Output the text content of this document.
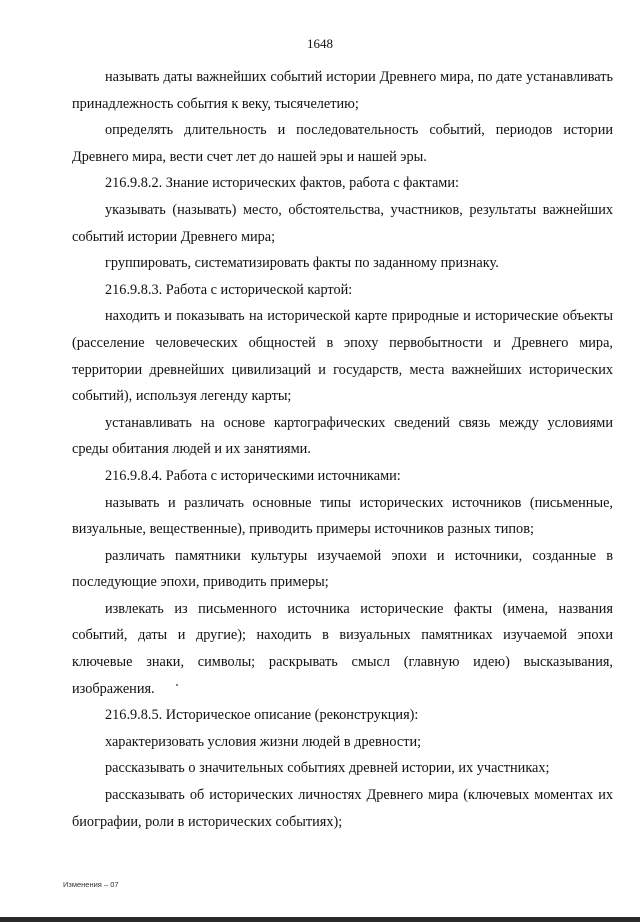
1648

называть даты важнейших событий истории Древнего мира, по дате устанавливать принадлежность события к веку, тысячелетию;

определять длительность и последовательность событий, периодов истории Древнего мира, вести счет лет до нашей эры и нашей эры.

216.9.8.2. Знание исторических фактов, работа с фактами:

указывать (называть) место, обстоятельства, участников, результаты важнейших событий истории Древнего мира;

группировать, систематизировать факты по заданному признаку.

216.9.8.3. Работа с исторической картой:

находить и показывать на исторической карте природные и исторические объекты (расселение человеческих общностей в эпоху первобытности и Древнего мира, территории древнейших цивилизаций и государств, места важнейших исторических событий), используя легенду карты;

устанавливать на основе картографических сведений связь между условиями среды обитания людей и их занятиями.

216.9.8.4. Работа с историческими источниками:

называть и различать основные типы исторических источников (письменные, визуальные, вещественные), приводить примеры источников разных типов;

различать памятники культуры изучаемой эпохи и источники, созданные в последующие эпохи, приводить примеры;

извлекать из письменного источника исторические факты (имена, названия событий, даты и другие); находить в визуальных памятниках изучаемой эпохи ключевые знаки, символы; раскрывать смысл (главную идею) высказывания, изображения.

216.9.8.5. Историческое описание (реконструкция):

характеризовать условия жизни людей в древности;

рассказывать о значительных событиях древней истории, их участниках;

рассказывать об исторических личностях Древнего мира (ключевых моментах их биографии, роли в исторических событиях);

Изменения – 07
